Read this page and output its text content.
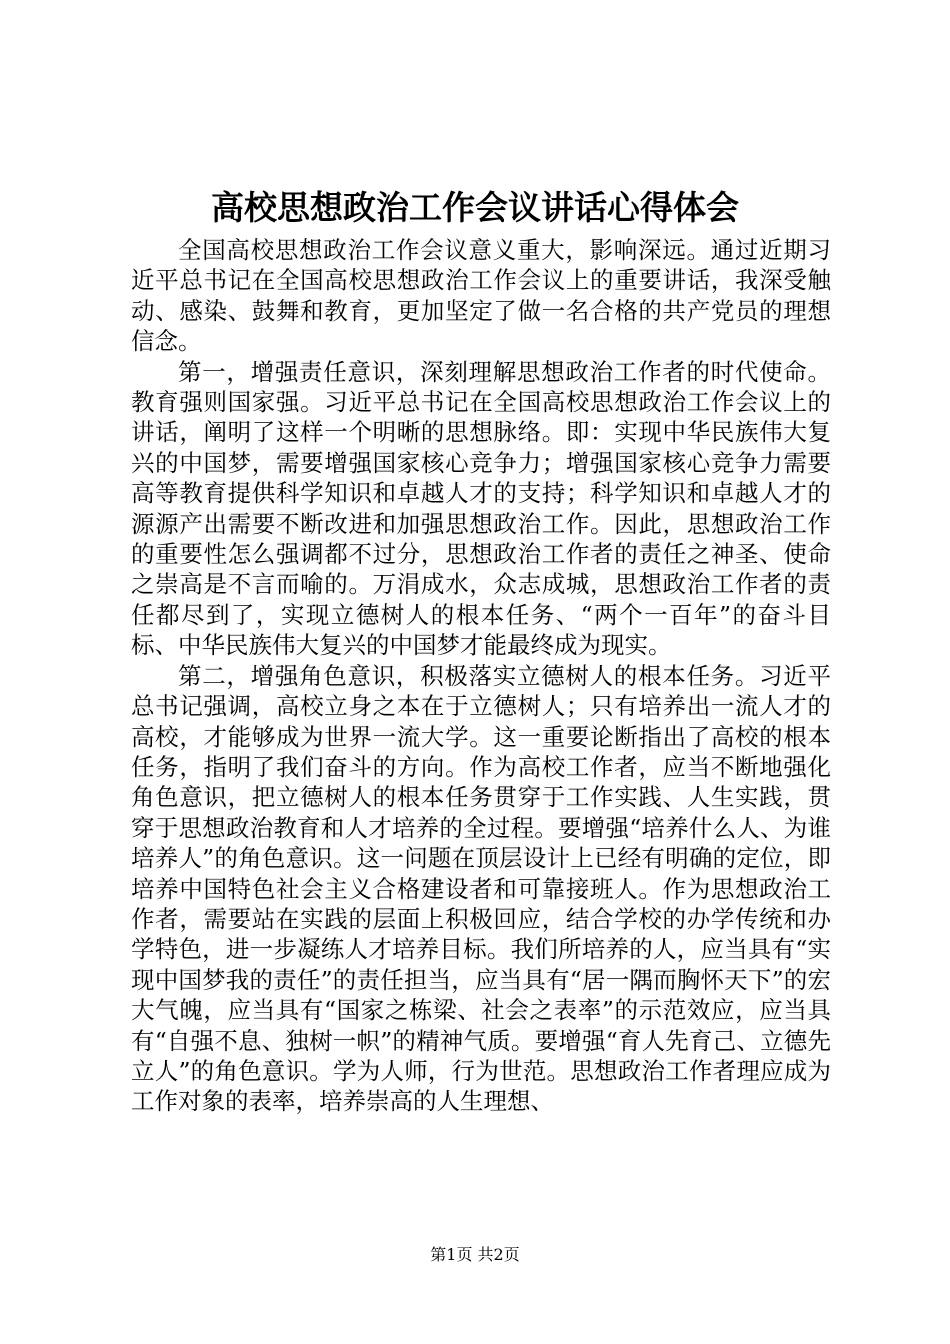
高校思想政治工作会议讲话心得体会

全国高校思想政治工作会议意义重大，影响深远。通过近期习近平总书记在全国高校思想政治工作会议上的重要讲话，我深受触动、感染、鼓舞和教育，更加坚定了做一名合格的共产党员的理想信念。

第一，增强责任意识，深刻理解思想政治工作者的时代使命。教育强则国家强。习近平总书记在全国高校思想政治工作会议上的讲话，阐明了这样一个明晰的思想脉络。即：实现中华民族伟大复兴的中国梦，需要增强国家核心竞争力；增强国家核心竞争力需要高等教育提供科学知识和卓越人才的支持；科学知识和卓越人才的源源产出需要不断改进和加强思想政治工作。因此，思想政治工作的重要性怎么强调都不过分，思想政治工作者的责任之神圣、使命之崇高是不言而喻的。万涓成水，众志成城，思想政治工作者的责任都尽到了，实现立德树人的根本任务、“两个一百年”的奋斗目标、中华民族伟大复兴的中国梦才能最终成为现实。

第二，增强角色意识，积极落实立德树人的根本任务。习近平总书记强调，高校立身之本在于立德树人；只有培养出一流人才的高校，才能够成为世界一流大学。这一重要论断指出了高校的根本任务，指明了我们奋斗的方向。作为高校工作者，应当不断地强化角色意识，把立德树人的根本任务贯穿于工作实践、人生实践，贯穿于思想政治教育和人才培养的全过程。要增强“培养什么人、为谁培养人”的角色意识。这一问题在顶层设计上已经有明确的定位，即培养中国特色社会主义合格建设者和可靠接班人。作为思想政治工作者，需要站在实践的层面上积极回应，结合学校的办学传统和办学特色，进一步凝练人才培养目标。我们所培养的人，应当具有“实现中国梦我的责任”的责任担当，应当具有“居一隅而胸怀天下”的宏大气魄，应当具有“国家之栋梁、社会之表率”的示范效应，应当具有“自强不息、独树一帜”的精神气质。要增强“育人先育己、立德先立人”的角色意识。学为人师，行为世范。思想政治工作者理应成为工作对象的表率，培养崇高的人生理想、

第1页 共2页
